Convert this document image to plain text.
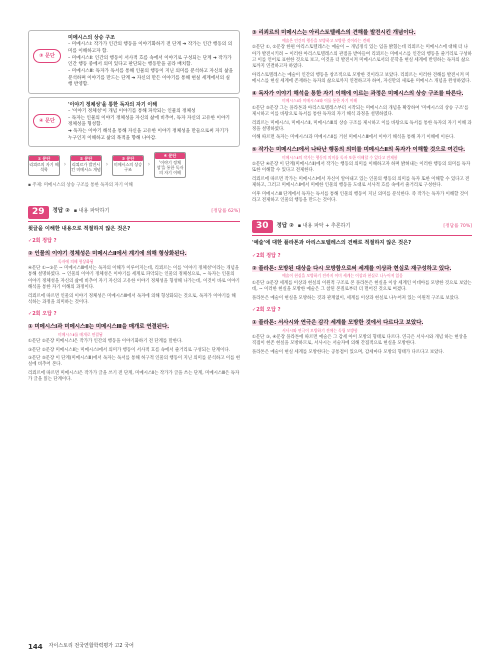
③ 문단
미메시스의 상승 구조
– 미메시스Ⅰ: 작가가 인간의 행동을 이야기화하기 전 단계 ➔ 작가는 인간 행동의 의미를 이해하고자 함.
– 미메시스Ⅱ: 인간의 행동이 서사적 흐름 속에서 이야기로 구성되는 단계 ➔ 작가가 인간 행동 중에서 의미 있다고 판단되는 행동만을 골라 배치함.
– 미메시스Ⅲ: 독자가 독서를 통해 인물의 행동이 지닌 의미를 분석하고 자신의 삶을 분석하며 이야기를 만드는 단계 ➔ 자신의 만든 이야기를 통해 현실 세계에서의 실행 반영함.
④ 문단
'이야기 정체성'을 통한 독자의 자기 이해
– '이야기 정체성'이 개념 이야기를 통해 파악되는 인물의 정체성
– 독자는 인물의 이야기 정체성을 자신의 삶에 비추어, 독자 자신의 고유한 이야기 정체성을 형성함.
➔ 독자는 이야기 해석을 통해 자신을 고유한 이야기 정체성을 만들으로써 자기가 누구인지 이해하고 삶의 목적을 향해 나아감.
① 문단
리쾨르의 자기 해석학
›
② 문단
리쾨르가 발전시킨 미메시스 개념
›
③ 문단
미메시스의 상승 구조
›
④ 문단
'이야기 정체성'을 통한 독자의 자기 이해
▪ 주제: 미메시스의 상승 구조를 통한 독자의 자기 이해
29	정답 ② ▪ 내용 파악하기	[정답률 62%]
윗글을 이해한 내용으로 적절하지 않은 것은?
✓2회 정답 ?
② 인물의 이야기 정체성은 미메시스Ⅱ에서 계기에 의해 형상화된다.
독자에 의해 형상화됨
④문단 ①~③문 ~ 미메시스Ⅲ에서는 독자의 이해가 이루어지는데, 리쾨르는 이를 '이야기 정체성'이라는 개념을 통해 설명하였다. ~ 인물의 이야기 정체성은 이야기를 세계로 파악되는 인물의 정체성으로, ~ 독자는 인물의 이야기 정체성을 자신의 삶에 비추어 자기 자신의 고유한 이야기 정체성을 형성해 나가는데, 이것이 바로 이야기 해석을 통한 자기 이해의 과정이다.
리쾨르에 따르면 인물의 이야기 정체성은 미메시스Ⅲ에서 독자에 의해 형상화되는 것으로, 독자가 이야기를 해석하는 과정을 의미하는 것이다.
✓2회 오답 ?
① 미메시스Ⅰ과 미메시스Ⅱ는 미메시스Ⅲ을 매개로 연결된다.
미메시스Ⅱ를 매개로 연결됨
①문단 ②문장 미메시스Ⅰ은 작가가 인간의 행동을 이야기화하기 전 단계를 말한다.
③문단 ②문장 미메시스Ⅱ는 미메시스Ⅰ에서 의미가 행동이 서사적 흐름 속에서 줄거리로 구성되는 단계이다.
③문단 ⑤문장 이 단계(미메시스Ⅲ)에서 독자는 독서를 통해 허구적 인물의 행동이 지닌 의미를 분석하고 이를 현실에 비추어 본다.
리쾨르에 따르면 미메시스Ⅰ은 작가가 글을 쓰기 전 단계, 미메시스Ⅱ는 작가가 글을 쓰는 단계, 미메시스Ⅲ은 독자가 글을 읽는 단계이다.
③ 리쾨르의 미메시스는 아리스토텔레스의 견해를 발전시킨 개념이다.
예술은 인간의 행동을 모방하고 모방한 것이라는 견해
②문단 ①, ②문장 한편 아리스토텔레스는 예술이 ~ 개념정식 있는 임을 밝혔는데 리쾨르는 미메시스에 대해 더 나아가 발전시키려 ~ 이러한 아리스토텔레스의 관점을 받아들여 리쾨르는 미메시스를 인간의 행동을 줄거리로 구성하고 이를 언어로 표현한 것으로 보고, 이것을 더 발전시켜 미메시스로서의 문학을 현실 세계에 반영하는 독자의 삶으로까지 연결하고자 하였다.
아리스토텔레스는 예술이 인간의 행동을 창조적으로 모방한 것이라고 보았다. 리쾨르는 이러한 견해를 발전시켜 미메시스를 현실 세계에 존재하는 독자의 삶으로까지 연결하고자 하여, 자신만의 새로운 미메시스 개념을 완성하였다.
④ 독자가 이야기 해석을 통한 자기 이해에 이르는 과정은 미메시스의 상승 구조를 따른다.
미메시스Ⅰ과 미메시스Ⅱ와 이를 통한 자기 이해
①문단 ⑤문장 그는 플라톤과 아리스토텔레스부터 시작되는 미메시스의 개념을 확장하여 '미메시스의 상승 구조'를 제시하고 이를 바탕으로 독서를 통한 독자의 자기 해석 과정을 설명하였다.
리쾨르는 미메시스Ⅰ, 미메시스Ⅱ, 미메시스Ⅲ의 상승 구조를 제시하고 이를 바탕으로 독서를 통한 독자의 자기 이해 과정을 설명하였다.
이해 따르면 독자는 미메시스Ⅰ과 미메시스Ⅱ를 거친 미메시스Ⅲ에서 이야기 해석을 통해 자기 이해에 이른다.
⑤ 작가는 미메시스Ⅰ에서 나타난 행동의 의미를 미메시스Ⅱ의 독자가 이해할 것으로 여긴다.
미메시스Ⅱ의 작가는 행동의 의미를 독자 또한 이해할 수 있다고 전제함
②문단 ④문장 이 단계(미메시스Ⅱ)에서 작가는 행동의 의미를 이해하고자 하며 밝혀내는 이러한 행동의 의미를 독자 또한 이해할 수 있다고 전제한다.
리쾨르에 따르면 작가는 미메시스Ⅰ에서 자신이 알아내고 있는 인물의 행동의 의미를 독자 또한 이해할 수 있다고 전제하고, 그러고 미메시스Ⅱ에서 미메한 인물의 행동을 도대로 서사적 흐름 속에서 줄거리로 구성한다.
이후 미메시스Ⅲ 단계에서 독자는 독서를 통해 인물의 행동이 지닌 의미를 분석한다. 즉 작가는 독자가 이해할 것이라고 전제하고 인물의 행동을 만드는 것이다.
30	정답 ② ▪ 내용 파악 + 추론하기	[정답률 70%]
'예술'에 대한 플라톤과 아리스토텔레스의 견해로 적절하지 않은 것은?
✓2회 정답 ?
② 플라톤: 모방된 대상을 다시 모방함으로써 세계를 이상과 현실로 재구성하고 있다.
예술이 현실을 모방하기 전까지 이미 세계는 이상과 현실로 나누어져 있음
①문단 ③문장 세계를 이상과 현실의 이원적 구조로 본 플라톤은 현실을 이상 세계인 이데아를 모방한 것으로 보았는데, ~ 이러한 현실을 모방한 예술은 그 참된 본질로부터 더 멀어진 것으로 여겼다.
플라톤은 예술이 현실을 모방하는 것과 관계없이, 세계를 이상과 현실로 나누어져 있는 이원적 구조로 보았다.
✓2회 오답 ?
① 플라톤: 서사시와 연극은 감각 세계를 모방한 것에서 다르다고 보았다.
서사시와 연극이 모방하기 전에는 독립 모방함
①문단 ③, ④문장 플라톤에 따르면 예술은 그 감세 아이 모방의 형태로 다르다. 연극은 서사시와 개념 하는 현상을 직접이 현존 현실을 모방하므로, 서사시는 서술자에 의해 간접적으로 현실을 모방한다.
플라톤은 예술이 현실 세계를 모방한다는 공통점이 있으며, 감세마다 모방의 형태가 다르다고 보았다.
144 자이스토리 전국연합학력평가 고2 국어
